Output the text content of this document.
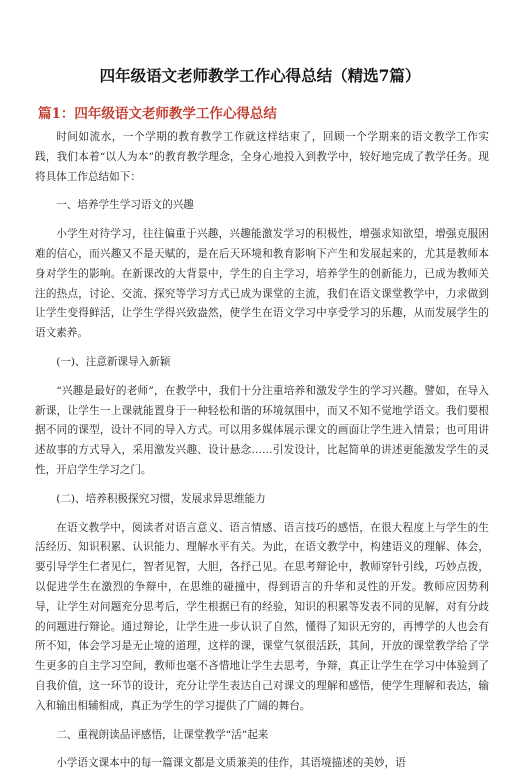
四年级语文老师教学工作心得总结（精选7篇）
篇1：四年级语文老师教学工作心得总结

时间如流水，一个学期的教育教学工作就这样结束了，回顾一个学期来的语文教学工作实践，我们本着“以人为本”的教育教学理念，全身心地投入到教学中，较好地完成了教学任务。现将具体工作总结如下：

一、培养学生学习语文的兴趣

小学生对待学习，往往偏重于兴趣，兴趣能激发学习的积极性，增强求知欲望，增强克服困难的信心，而兴趣又不是天赋的，是在后天环境和教育影响下产生和发展起来的，尤其是教师本身对学生的影响。在新课改的大背景中，学生的自主学习，培养学生的创新能力，已成为教师关注的热点，讨论、交流、探究等学习方式已成为课堂的主流，我们在语文课堂教学中，力求做到让学生变得鲜活，让学生学得兴致盎然，使学生在语文学习中享受学习的乐趣，从而发展学生的语文素养。

(一)、注意新课导入新颖

“兴趣是最好的老师”，在教学中，我们十分注重培养和激发学生的学习兴趣。譬如，在导入新课，让学生一上课就能置身于一种轻松和谐的环境氛围中，而又不知不觉地学语文。我们要根据不同的课型，设计不同的导入方式。可以用多媒体展示课文的画面让学生进入情景；也可用讲述故事的方式导入，采用激发兴趣、设计悬念……引发设计，比起简单的讲述更能激发学生的灵性，开启学生学习之门。

(二)、培养积极探究习惯，发展求异思维能力

在语文教学中，阅读者对语言意义、语言情感、语言技巧的感悟，在很大程度上与学生的生活经历、知识积累、认识能力、理解水平有关。为此，在语文教学中，构建语义的理解、体会，要引导学生仁者见仁，智者见智，大胆，各抒己见。在思考辩论中，教师穿针引线，巧妙点拨，以促进学生在激烈的争辩中，在思维的碰撞中，得到语言的升华和灵性的开发。教师应因势利导，让学生对问题充分思考后，学生根据已有的经验，知识的积累等发表不同的见解，对有分歧的问题进行辩论。通过辩论，让学生进一步认识了自然，懂得了知识无穷的，再博学的人也会有所不知，体会学习是无止境的道理，这样的课，课堂气氛很活跃，其间，开放的课堂教学给了学生更多的自主学习空间，教师也毫不吝惜地让学生去思考，争辩，真正让学生在学习中体验到了自我价值，这一环节的设计，充分让学生表达自己对课文的理解和感悟，使学生理解和表达，输入和输出相辅相成，真正为学生的学习提供了广阔的舞台。

二、重视朗读品评感悟，让课堂教学“活”起来

小学语文课本中的每一篇课文都是文质兼美的佳作，其语境描述的美妙，语
